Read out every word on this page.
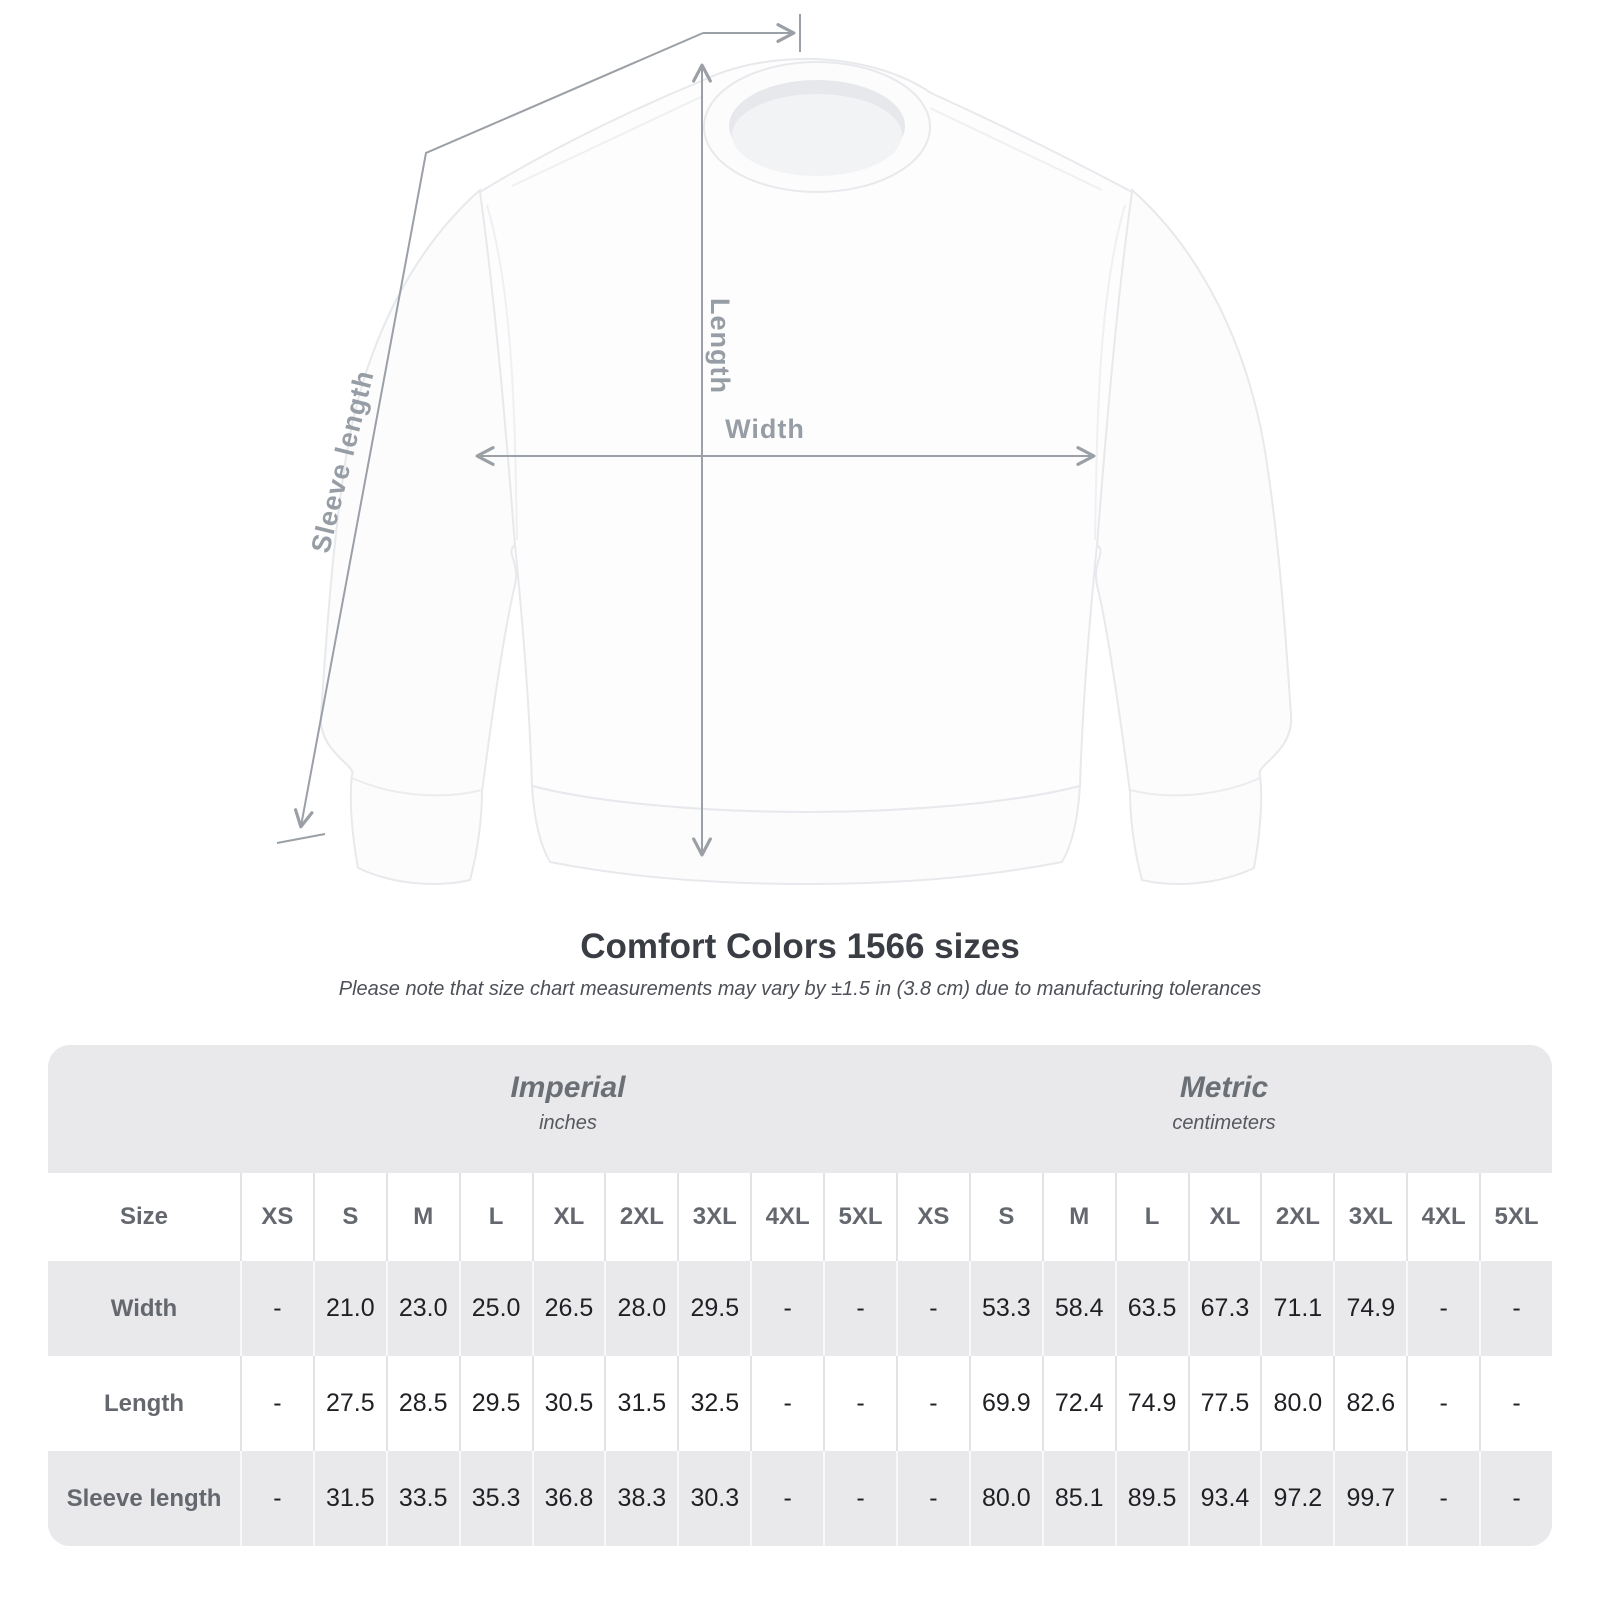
Length
Width
Sleeve length
Comfort Colors 1566 sizes
Please note that size chart measurements may vary by ±1.5 in (3.8 cm) due to manufacturing tolerances
Imperial
inches
Metric
centimeters
Size	XS	S	M	L	XL	2XL	3XL	4XL	5XL	XS	S	M	L	XL	2XL	3XL	4XL	5XL
Width	-	21.0 23.0 25.0 26.5 28.0 29.5	-	-	-	53.3 58.4 63.5 67.3 71.1 74.9	-	-
Length	-	27.5 28.5 29.5 30.5 31.5 32.5	-	-	-	69.9 72.4 74.9 77.5 80.0 82.6	-	-
Sleeve length	-	31.5 33.5 35.3 36.8 38.3 30.3	-	-	-	80.0 85.1 89.5 93.4 97.2 99.7	-	-
